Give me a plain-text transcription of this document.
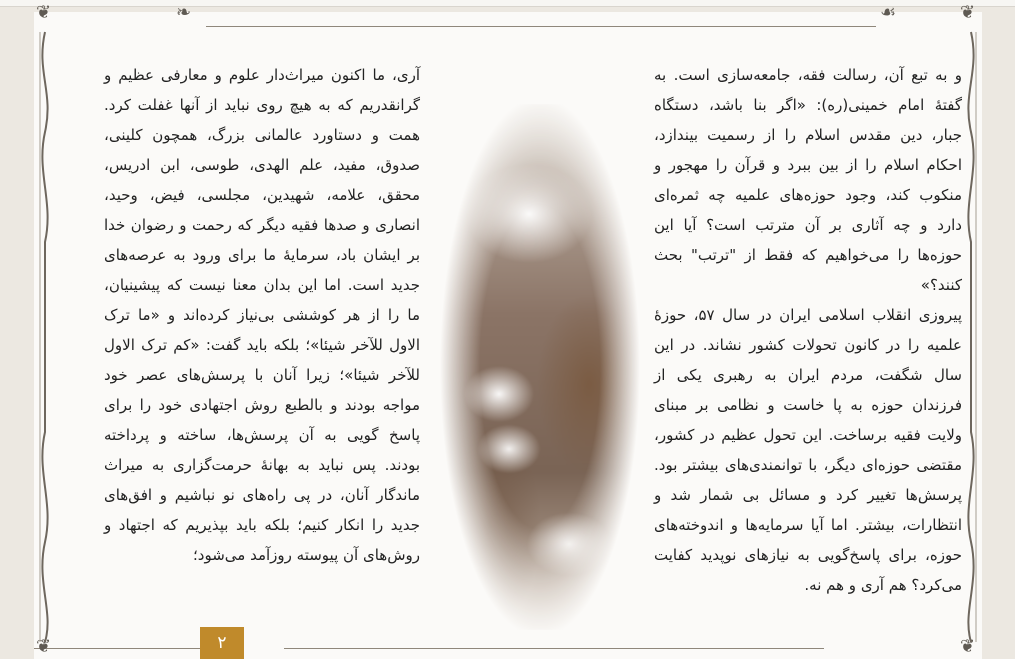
❦	❧	☙	❦
❦	❦

و به تبع آن، رسالت فقه، جامعه‌سازی است. به گفتهٔ امام خمینی(ره): «اگر بنا باشد، دستگاه جبار، دین مقدس اسلام را از رسمیت بیندازد، احکام اسلام را از بین ببرد و قرآن را مهجور و منکوب کند، وجود حوزه‌های علمیه چه ثمره‌ای دارد و چه آثاری بر آن مترتب است؟ آیا این حوزه‌ها را می‌خواهیم که فقط از "ترتب" بحث کنند؟»

پیروزی انقلاب اسلامی ایران در سال ۵۷، حوزهٔ علمیه را در کانون تحولات کشور نشاند. در این سال شگفت، مردم ایران به رهبری یکی از فرزندان حوزه به پا خاست و نظامی بر مبنای ولایت فقیه برساخت. این تحول عظیم در کشور، مقتضی حوزه‌ای دیگر، با توانمندی‌های بیشتر بود. پرسش‌ها تغییر کرد و مسائل بی شمار شد و انتظارات، بیشتر. اما آیا سرمایه‌ها و اندوخته‌های حوزه، برای پاسخ‌گویی به نیازهای نوپدید کفایت می‌کرد؟ هم آری و هم نه.

آری، ما اکنون میراث‌دار علوم و معارفی عظیم و گرانقدریم که به هیچ روی نباید از آنها غفلت کرد. همت و دستاورد عالمانی بزرگ، همچون کلینی، صدوق، مفید، علم الهدی، طوسی، ابن ادریس، محقق، علامه، شهیدین، مجلسی، فیض، وحید، انصاری و صدها فقیه دیگر که رحمت و رضوان خدا بر ایشان باد، سرمایهٔ ما برای ورود به عرصه‌های جدید است. اما این بدان معنا نیست که پیشینیان، ما را از هر کوششی بی‌نیاز کرده‌اند و «ما ترک الاول للآخر شیئا»؛ بلکه باید گفت: «کم ترک الاول للآخر شیئا»؛ زیرا آنان با پرسش‌های عصر خود مواجه بودند و بالطبع روش اجتهادی خود را برای پاسخ گویی به آن پرسش‌ها، ساخته و پرداخته بودند. پس نباید به بهانهٔ حرمت‌گزاری به میراث ماندگار آنان، در پی راه‌های نو نباشیم و افق‌های جدید را انکار کنیم؛ بلکه باید بپذیریم که اجتهاد و روش‌های آن پیوسته روزآمد می‌شود؛

۲
